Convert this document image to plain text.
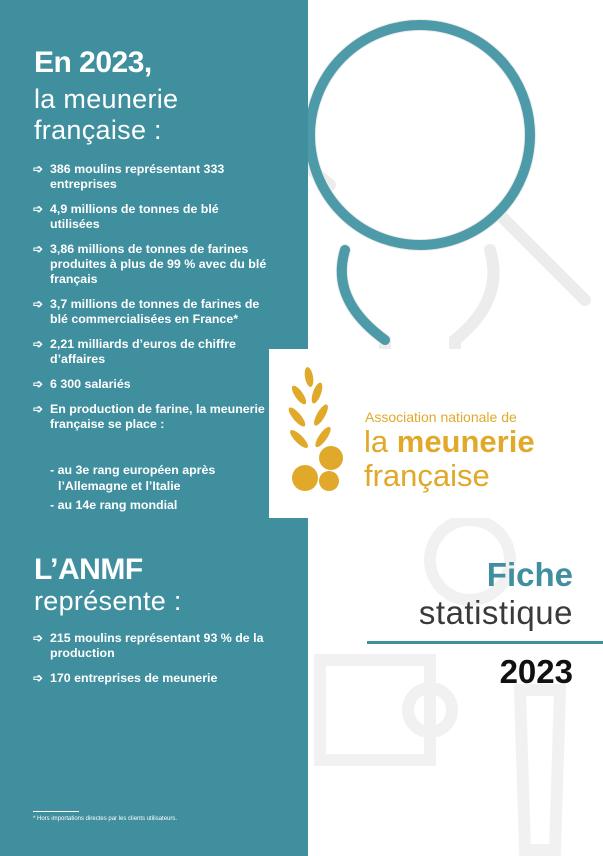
En 2023,
la meunerie
française :
➩ 386 moulins représentant 333 entreprises
➩ 4,9 millions de tonnes de blé utilisées
➩ 3,86 millions de tonnes de farines produites à plus de 99 % avec du blé français
➩ 3,7 millions de tonnes de farines de blé commercialisées en France*
➩ 2,21 milliards d’euros de chiffre d’affaires
➩ 6 300 salariés
➩ En production de farine, la meunerie française se place :
- au 3e rang européen après
l’Allemagne et l’Italie
- au 14e rang mondial
L’ANMF
représente :
➩ 215 moulins représentant 93 % de la production
➩ 170 entreprises de meunerie
* Hors importations directes par les clients utilisateurs.
Association nationale de
la meunerie
française
Fiche
statistique
2023
